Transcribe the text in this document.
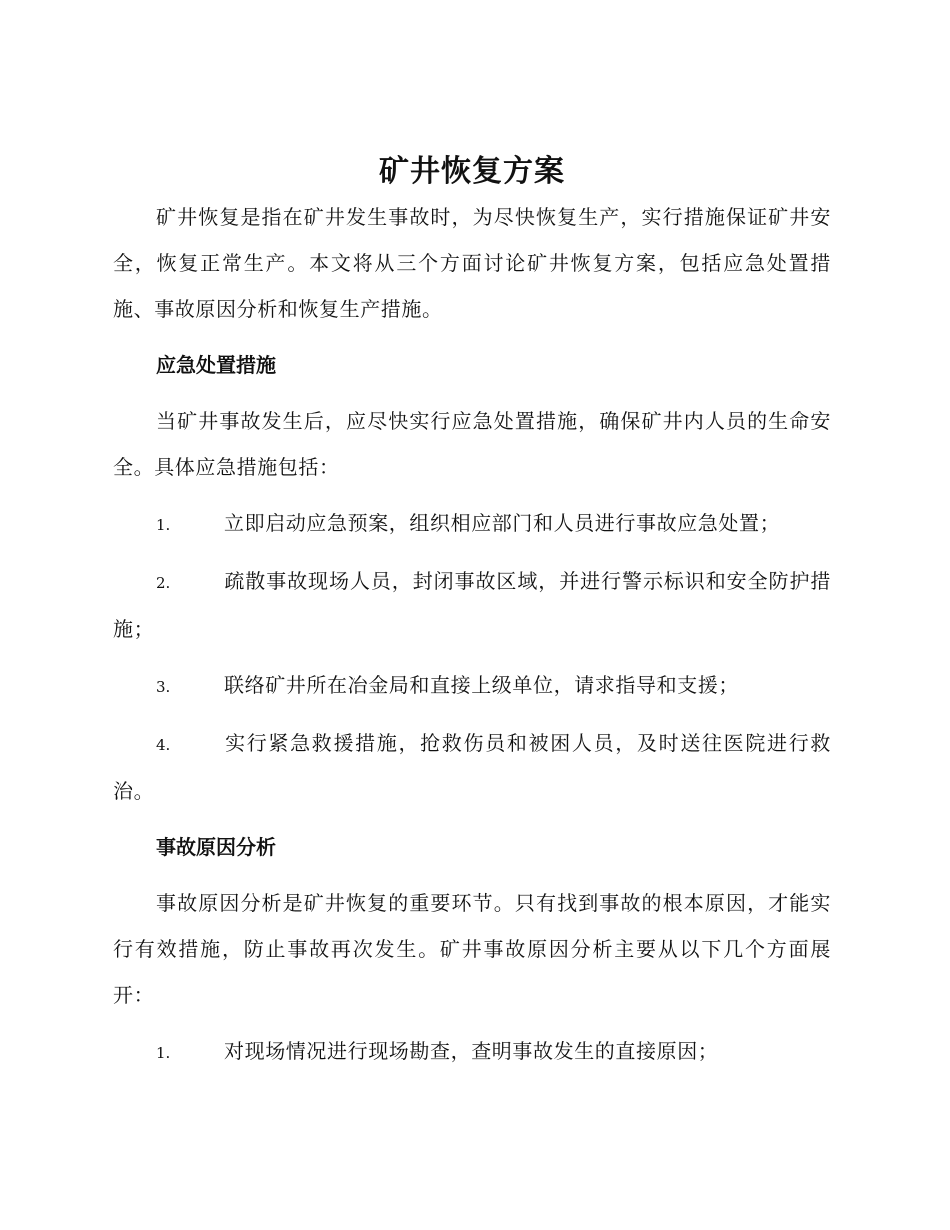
矿井恢复方案

矿井恢复是指在矿井发生事故时，为尽快恢复生产，实行措施保证矿井安全，恢复正常生产。本文将从三个方面讨论矿井恢复方案，包括应急处置措施、事故原因分析和恢复生产措施。

应急处置措施

当矿井事故发生后，应尽快实行应急处置措施，确保矿井内人员的生命安全。具体应急措施包括：

1.	立即启动应急预案，组织相应部门和人员进行事故应急处置；
2.	疏散事故现场人员，封闭事故区域，并进行警示标识和安全防护措施；
3.	联络矿井所在冶金局和直接上级单位，请求指导和支援；
4.	实行紧急救援措施，抢救伤员和被困人员，及时送往医院进行救治。
事故原因分析

事故原因分析是矿井恢复的重要环节。只有找到事故的根本原因，才能实行有效措施，防止事故再次发生。矿井事故原因分析主要从以下几个方面展开：

1.	对现场情况进行现场勘查，查明事故发生的直接原因；
